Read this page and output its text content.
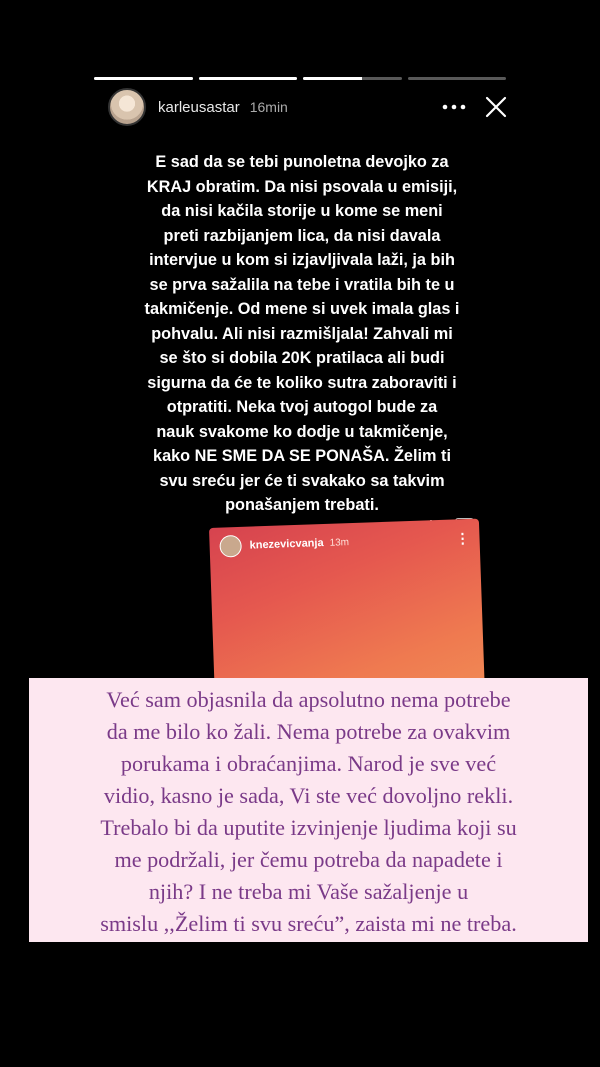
karleusastar 16min
E sad da se tebi punoletna devojko za
KRAJ obratim. Da nisi psovala u emisiji,
da nisi kačila storije u kome se meni
preti razbijanjem lica, da nisi davala
intervjue u kom si izjavljivala laži, ja bih
se prva sažalila na tebe i vratila bih te u
takmičenje. Od mene si uvek imala glas i
pohvalu. Ali nisi razmišljala! Zahvali mi
se što si dobila 20K pratilaca ali budi
sigurna da će te koliko sutra zaboraviti i
otpratiti. Neka tvoj autogol bude za
nauk svakome ko dodje u takmičenje,
kako NE SME DA SE PONAŠA. Želim ti
svu sreću jer će ti svakako sa takvim
ponašanjem trebati.
knezevicvanja 13m	⋮
Već sam objasnila da apsolutno nema potrebe
da me bilo ko žali. Nema potrebe za ovakvim
porukama i obraćanjima. Narod je sve već
vidio, kasno je sada, Vi ste već dovoljno rekli.
Trebalo bi da uputite izvinjenje ljudima koji su
me podržali, jer čemu potreba da napadete i
njih? I ne treba mi Vaše sažaljenje u
smislu ,,Želim ti svu sreću”, zaista mi ne treba.
